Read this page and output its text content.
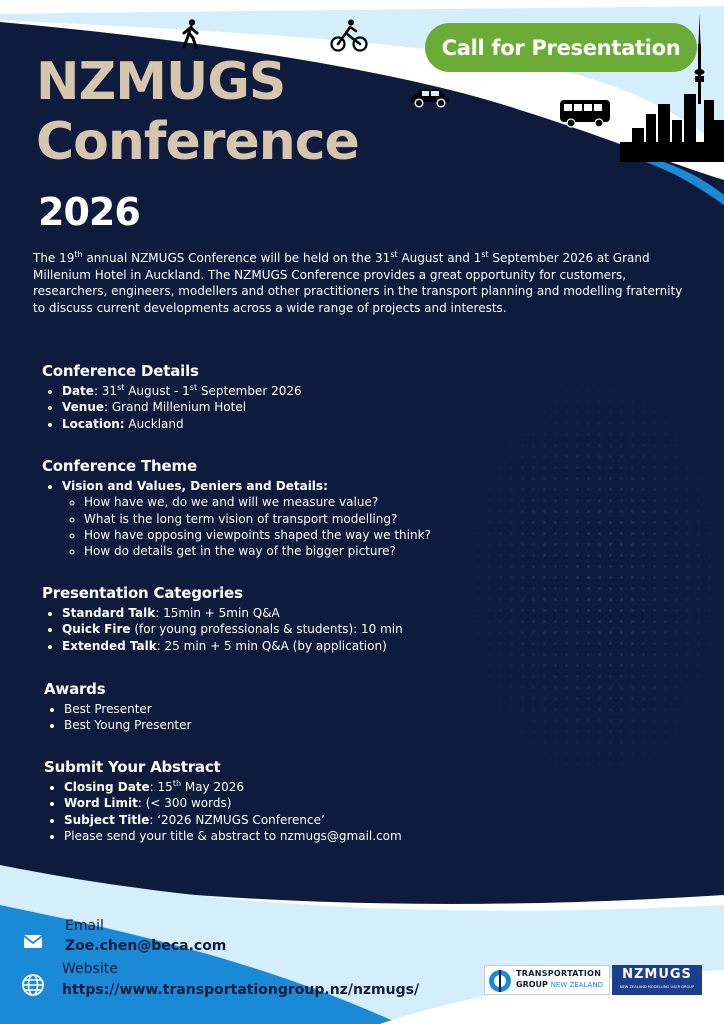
Call for Presentation
NZMUGS
Conference
2026

The 19th annual NZMUGS Conference will be held on the 31st August and 1st September 2026 at Grand Millenium Hotel in Auckland. The NZMUGS Conference provides a great opportunity for customers, researchers, engineers, modellers and other practitioners in the transport planning and modelling fraternity to discuss current developments across a wide range of projects and interests.

Conference Details
• Date: 31st August - 1st September 2026
• Venue: Grand Millenium Hotel
• Location: Auckland
Conference Theme
• Vision and Values, Deniers and Details:
◦ How have we, do we and will we measure value?
◦ What is the long term vision of transport modelling?
◦ How have opposing viewpoints shaped the way we think?
◦ How do details get in the way of the bigger picture?
Presentation Categories
• Standard Talk: 15min + 5min Q&A
• Quick Fire (for young professionals & students): 10 min
• Extended Talk: 25 min + 5 min Q&A (by application)
Awards
• Best Presenter
• Best Young Presenter
Submit Your Abstract
• Closing Date: 15th May 2026
• Word Limit: (< 300 words)
• Subject Title: ‘2026 NZMUGS Conference’
• Please send your title & abstract to nzmugs@gmail.com
Email
Zoe.chen@beca.com
Website
https://www.transportationgroup.nz/nzmugs/
TRANSPORTATION
GROUP NEW ZEALAND
NZMUGS
NEW ZEALAND MODELLING USER GROUP
